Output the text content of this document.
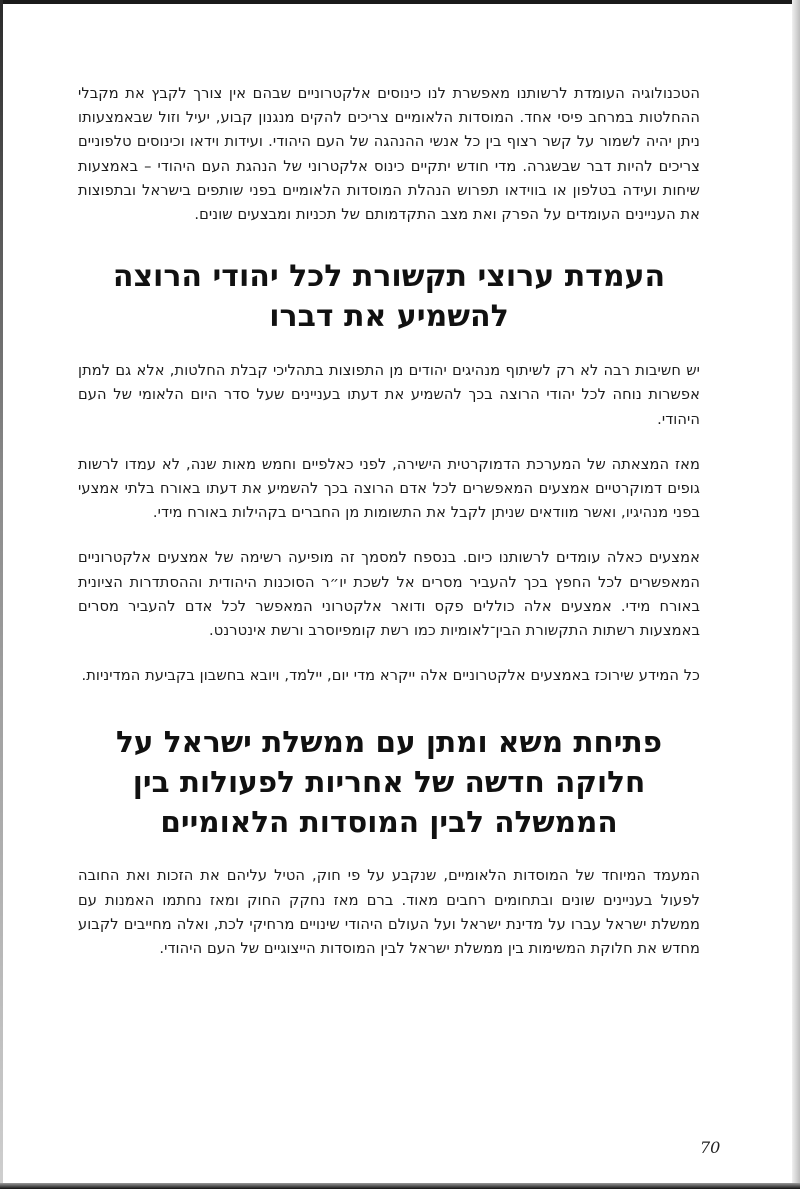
הטכנולוגיה העומדת לרשותנו מאפשרת לנו כינוסים אלקטרוניים שבהם אין צורך לקבץ את מקבלי ההחלטות במרחב פיסי אחד. המוסדות הלאומיים צריכים להקים מנגנון קבוע, יעיל וזול שבאמצעותו ניתן יהיה לשמור על קשר רצוף בין כל אנשי ההנהגה של העם היהודי. ועידות וידאו וכינוסים טלפוניים צריכים להיות דבר שבשגרה. מדי חודש יתקיים כינוס אלקטרוני של הנהגת העם היהודי – באמצעות שיחות ועידה בטלפון או בווידאו תפרוש הנהלת המוסדות הלאומיים בפני שותפים בישראל ובתפוצות את העניינים העומדים על הפרק ואת מצב התקדמותם של תכניות ומבצעים שונים.

העמדת ערוצי תקשורת לכל יהודי הרוצה להשמיע את דברו

יש חשיבות רבה לא רק לשיתוף מנהיגים יהודים מן התפוצות בתהליכי קבלת החלטות, אלא גם למתן אפשרות נוחה לכל יהודי הרוצה בכך להשמיע את דעתו בעניינים שעל סדר היום הלאומי של העם היהודי.

מאז המצאתה של המערכת הדמוקרטית הישירה, לפני כאלפיים וחמש מאות שנה, לא עמדו לרשות גופים דמוקרטיים אמצעים המאפשרים לכל אדם הרוצה בכך להשמיע את דעתו באורח בלתי אמצעי בפני מנהיגיו, ואשר מוודאים שניתן לקבל את התשומות מן החברים בקהילות באורח מידי.

אמצעים כאלה עומדים לרשותנו כיום. בנספח למסמך זה מופיעה רשימה של אמצעים אלקטרוניים המאפשרים לכל החפץ בכך להעביר מסרים אל לשכת יו״ר הסוכנות היהודית וההסתדרות הציונית באורח מידי. אמצעים אלה כוללים פקס ודואר אלקטרוני המאפשר לכל אדם להעביר מסרים באמצעות רשתות התקשורת הבין־לאומיות כמו רשת קומפיוסרב ורשת אינטרנט.

כל המידע שירוכז באמצעים אלקטרוניים אלה ייקרא מדי יום, יילמד, ויובא בחשבון בקביעת המדיניות.

פתיחת משא ומתן עם ממשלת ישראל על חלוקה חדשה של אחריות לפעולות בין הממשלה לבין המוסדות הלאומיים

המעמד המיוחד של המוסדות הלאומיים, שנקבע על פי חוק, הטיל עליהם את הזכות ואת החובה לפעול בעניינים שונים ובתחומים רחבים מאוד. ברם מאז נחקק החוק ומאז נחתמו האמנות עם ממשלת ישראל עברו על מדינת ישראל ועל העולם היהודי שינויים מרחיקי לכת, ואלה מחייבים לקבוע מחדש את חלוקת המשימות בין ממשלת ישראל לבין המוסדות הייצוגיים של העם היהודי.

70
